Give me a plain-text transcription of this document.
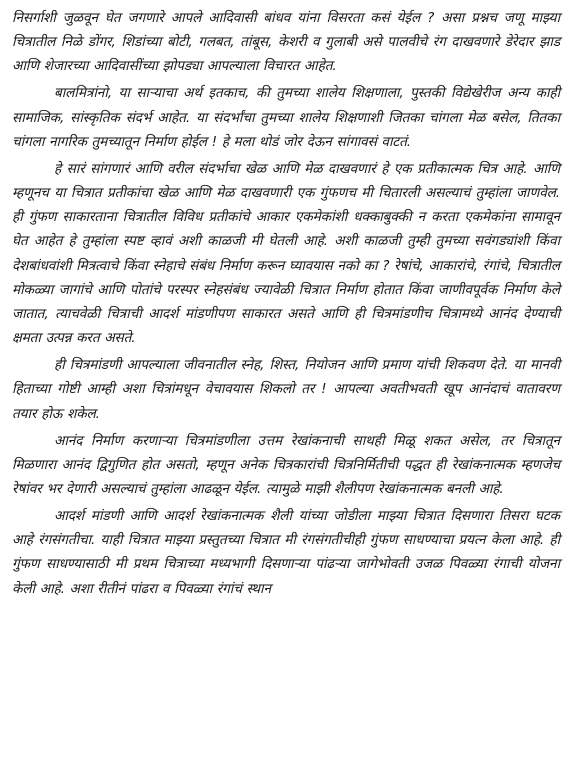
निसर्गाशी जुळवून घेत जगणारे आपले आदिवासी बांधव यांना विसरता कसं येईल ? असा प्रश्नच जणू माझ्या चित्रातील निळे डोंगर, शिडांच्या बोटी, गलबत, तांबूस, केशरी व गुलाबी असे पालवीचे रंग दाखवणारे डेरेदार झाड आणि शेजारच्या आदिवासींच्या झोपड्या आपल्याला विचारत आहेत.

बालमित्रांनो, या साऱ्याचा अर्थ इतकाच, की तुमच्या शालेय शिक्षणाला, पुस्तकी विद्येखेरीज अन्य काही सामाजिक, सांस्कृतिक संदर्भ आहेत. या संदर्भांचा तुमच्या शालेय शिक्षणाशी जितका चांगला मेळ बसेल, तितका चांगला नागरिक तुमच्यातून निर्माण होईल ! हे मला थोडं जोर देऊन सांगावसं वाटतं.

हे सारं सांगणारं आणि वरील संदर्भाचा खेळ आणि मेळ दाखवणारं हे एक प्रतीकात्मक चित्र आहे. आणि म्हणूनच या चित्रात प्रतीकांचा खेळ आणि मेळ दाखवणारी एक गुंफणच मी चितारली असल्याचं तुम्हांला जाणवेल. ही गुंफण साकारताना चित्रातील विविध प्रतीकांचे आकार एकमेकांशी धक्काबुक्की न करता एकमेकांना सामावून घेत आहेत हे तुम्हांला स्पष्ट व्हावं अशी काळजी मी घेतली आहे. अशी काळजी तुम्ही तुमच्या सवंगड्यांशी किंवा देशबांधवांशी मित्रत्वाचे किंवा स्नेहाचे संबंध निर्माण करून घ्यावयास नको का ? रेषांचे, आकारांचे, रंगांचे, चित्रातील मोकळ्या जागांचे आणि पोतांचे परस्पर स्नेहसंबंध ज्यावेळी चित्रात निर्माण होतात किंवा जाणीवपूर्वक निर्माण केले जातात, त्याचवेळी चित्राची आदर्श मांडणीपण साकारत असते आणि ही चित्रमांडणीच चित्रामध्ये आनंद देण्याची क्षमता उत्पन्न करत असते.

ही चित्रमांडणी आपल्याला जीवनातील स्नेह, शिस्त, नियोजन आणि प्रमाण यांची शिकवण देते. या मानवी हिताच्या गोष्टी आम्ही अशा चित्रांमधून वेचावयास शिकलो तर ! आपल्या अवतीभवती खूप आनंदाचं वातावरण तयार होऊ शकेल.

आनंद निर्माण करणाऱ्या चित्रमांडणीला उत्तम रेखांकनाची साथही मिळू शकत असेल, तर चित्रातून मिळणारा आनंद द्विगुणित होत असतो, म्हणून अनेक चित्रकारांची चित्रनिर्मितीची पद्धत ही रेखांकनात्मक म्हणजेच रेषांवर भर देणारी असल्याचं तुम्हांला आढळून येईल. त्यामुळे माझी शैलीपण रेखांकनात्मक बनली आहे.

आदर्श मांडणी आणि आदर्श रेखांकनात्मक शैली यांच्या जोडीला माझ्या चित्रात दिसणारा तिसरा घटक आहे रंगसंगतीचा. याही चित्रात माझ्या प्रस्तुतच्या चित्रात मी रंगसंगतीचीही गुंफण साधण्याचा प्रयत्न केला आहे. ही गुंफण साधण्यासाठी मी प्रथम चित्राच्या मध्यभागी दिसणाऱ्या पांढऱ्या जागेभोवती उजळ पिवळ्या रंगाची योजना केली आहे. अशा रीतीनं पांढरा व पिवळ्या रंगांचं स्थान
